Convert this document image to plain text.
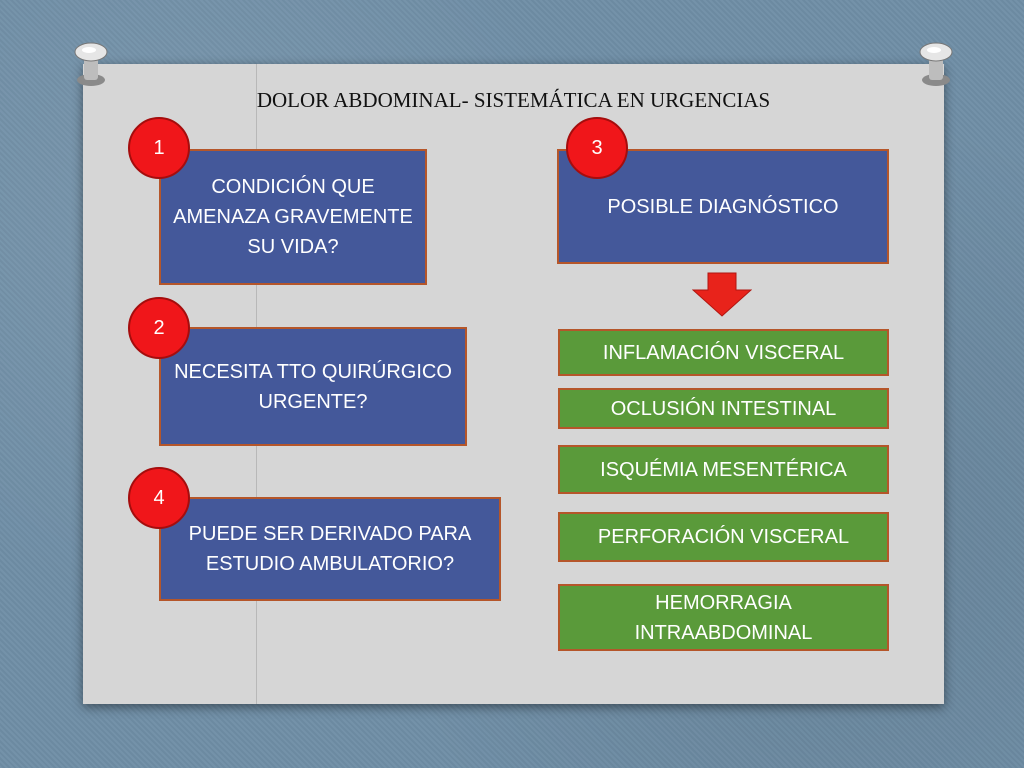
DOLOR ABDOMINAL- SISTEMÁTICA EN URGENCIAS
CONDICIÓN QUE AMENAZA GRAVEMENTE SU VIDA?
1
NECESITA TTO QUIRÚRGICO URGENTE?
2
POSIBLE DIAGNÓSTICO
3
PUEDE SER DERIVADO PARA ESTUDIO AMBULATORIO?
4
INFLAMACIÓN VISCERAL
OCLUSIÓN INTESTINAL
ISQUÉMIA MESENTÉRICA
PERFORACIÓN VISCERAL
HEMORRAGIA INTRAABDOMINAL
